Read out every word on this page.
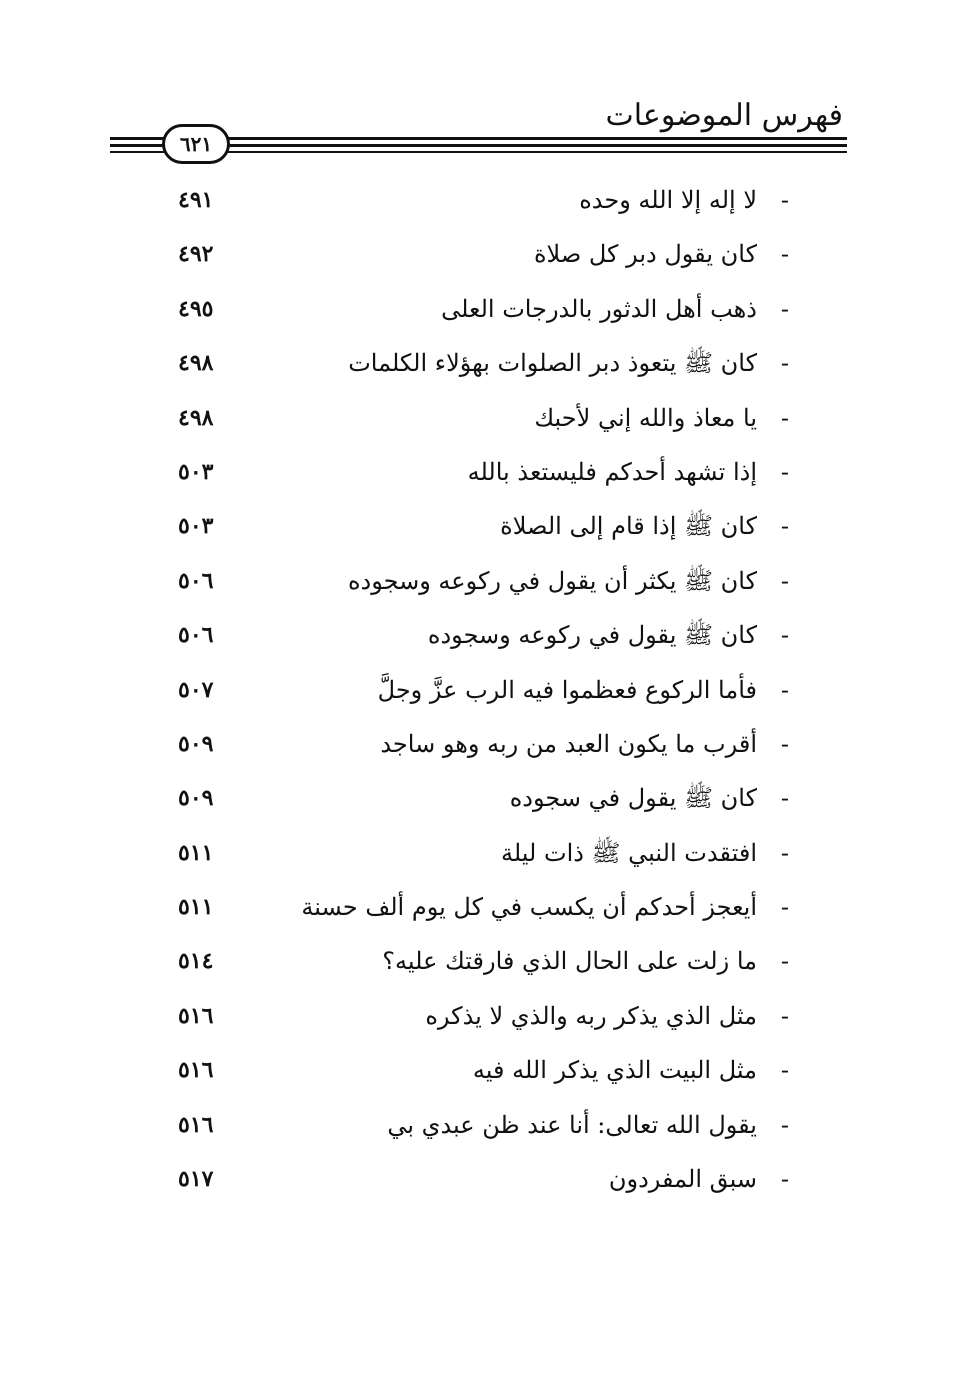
فهرس الموضوعات
٦٢١
-
لا إله إلا الله وحده
٤٩١
-
كان يقول دبر كل صلاة
٤٩٢
-
ذهب أهل الدثور بالدرجات العلى
٤٩٥
-
كان ﷺ يتعوذ دبر الصلوات بهؤلاء الكلمات
٤٩٨
-
يا معاذ والله إني لأحبك
٤٩٨
-
إذا تشهد أحدكم فليستعذ بالله
٥٠٣
-
كان ﷺ إذا قام إلى الصلاة
٥٠٣
-
كان ﷺ يكثر أن يقول في ركوعه وسجوده
٥٠٦
-
كان ﷺ يقول في ركوعه وسجوده
٥٠٦
-
فأما الركوع فعظموا فيه الرب عزَّ وجلَّ
٥٠٧
-
أقرب ما يكون العبد من ربه وهو ساجد
٥٠٩
-
كان ﷺ يقول في سجوده
٥٠٩
-
افتقدت النبي ﷺ ذات ليلة
٥١١
-
أيعجز أحدكم أن يكسب في كل يوم ألف حسنة
٥١١
-
ما زلت على الحال الذي فارقتك عليه؟
٥١٤
-
مثل الذي يذكر ربه والذي لا يذكره
٥١٦
-
مثل البيت الذي يذكر الله فيه
٥١٦
-
يقول الله تعالى: أنا عند ظن عبدي بي
٥١٦
-
سبق المفردون
٥١٧
